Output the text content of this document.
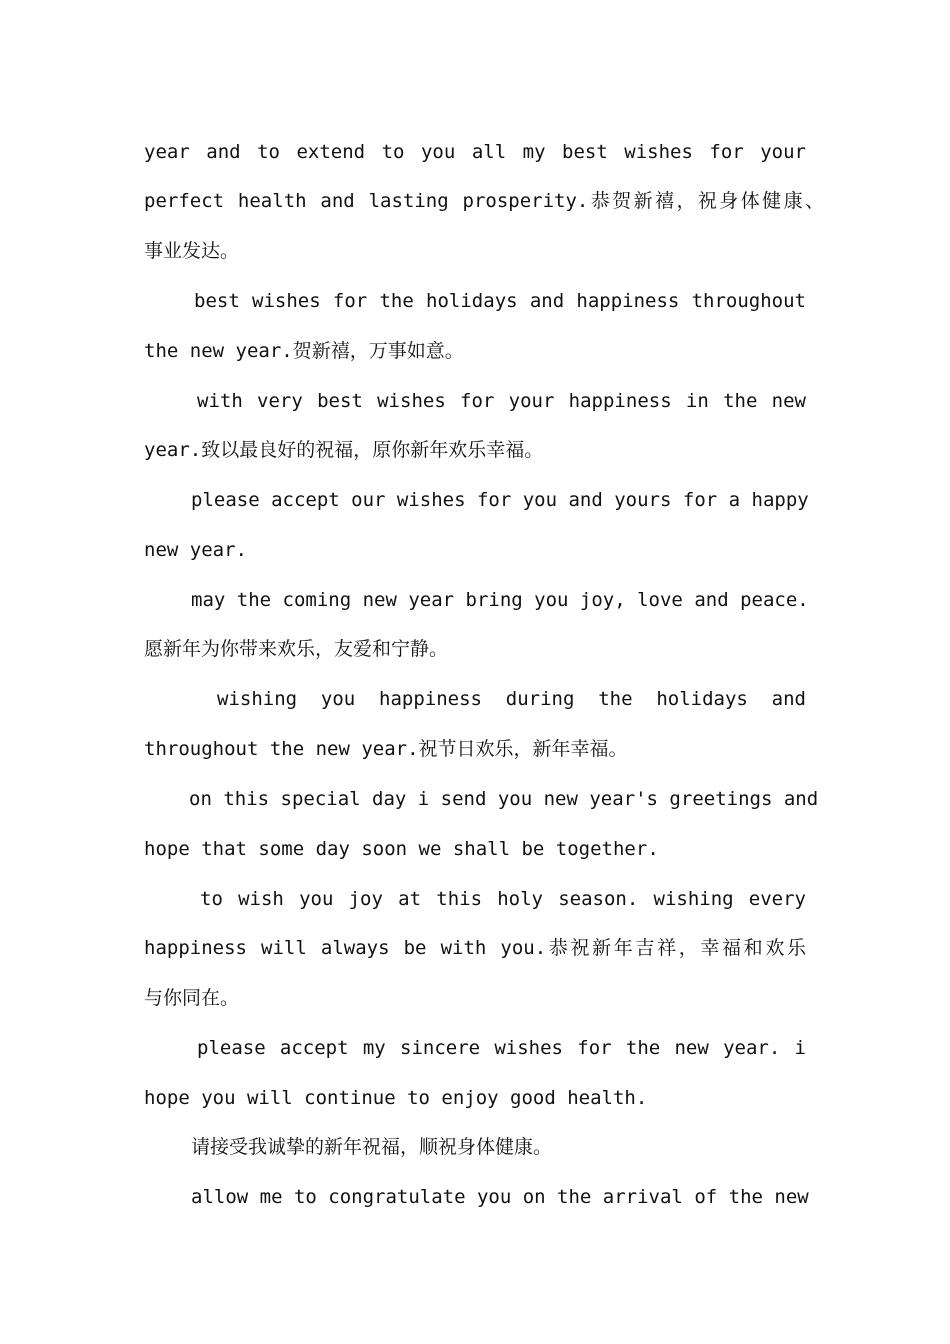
year and to extend to you all my best wishes for your
perfect health and lasting prosperity.恭贺新禧，祝身体健康、
事业发达。
best wishes for the holidays and happiness throughout
the new year.贺新禧，万事如意。
with very best wishes for your happiness in the new
year.致以最良好的祝福，原你新年欢乐幸福。
please accept our wishes for you and yours for a happy
new year.
may the coming new year bring you joy, love and peace.
愿新年为你带来欢乐，友爱和宁静。
wishing you happiness during the holidays and
throughout the new year.祝节日欢乐，新年幸福。
on this special day i send you new year's greetings and
hope that some day soon we shall be together.
to wish you joy at this holy season. wishing every
happiness will always be with you.恭祝新年吉祥，幸福和欢乐
与你同在。
please accept my sincere wishes for the new year. i
hope you will continue to enjoy good health.
请接受我诚挚的新年祝福，顺祝身体健康。
allow me to congratulate you on the arrival of the new
